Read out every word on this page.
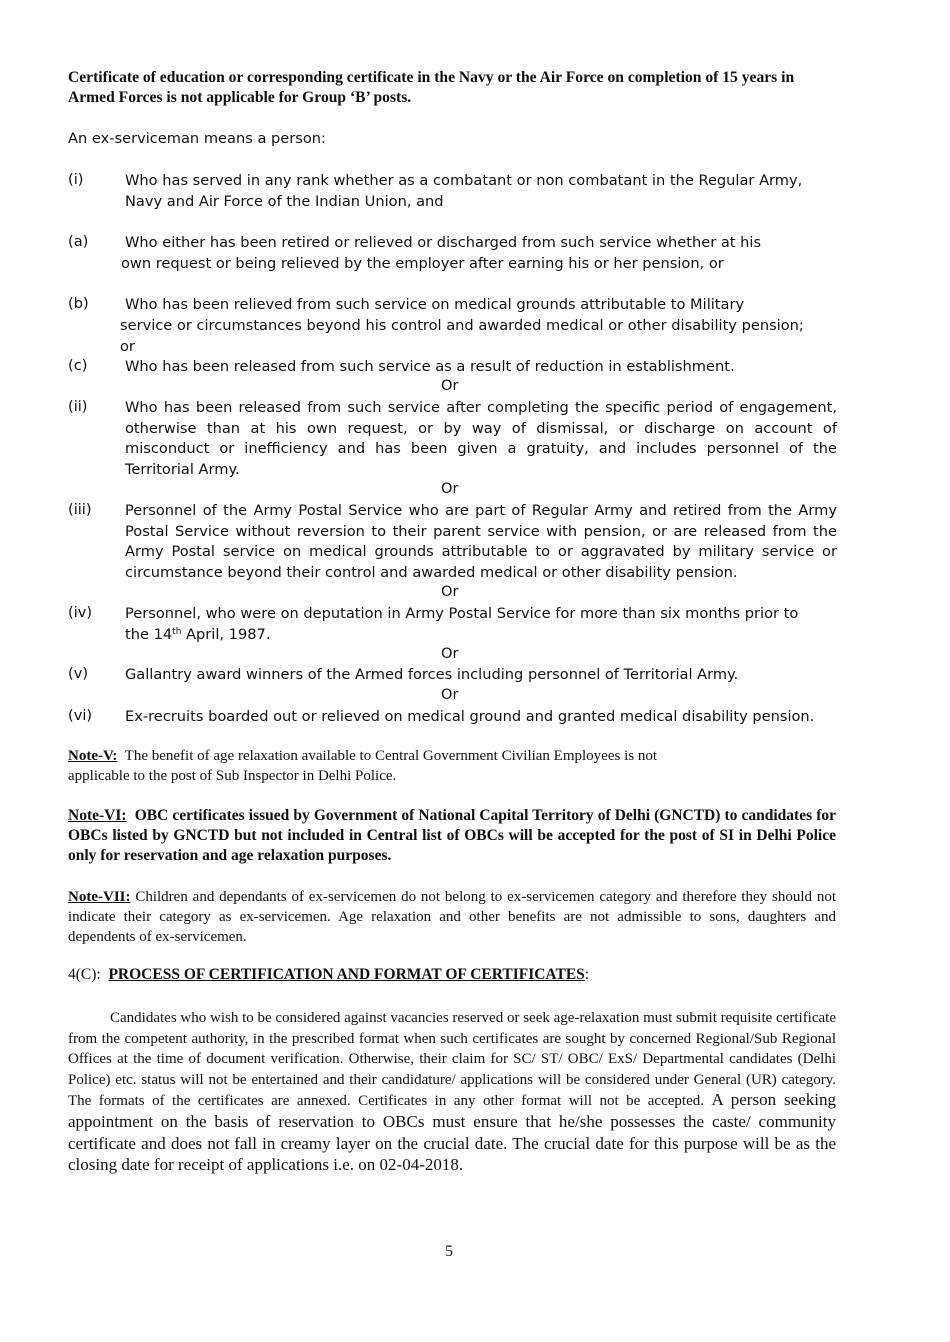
Certificate of education or corresponding certificate in the Navy or the Air Force on completion of 15 years in Armed Forces is not applicable for Group ‘B’ posts.
An ex-serviceman means a person:
(i)	Who has served in any rank whether as a combatant or non combatant in the Regular Army, Navy and Air Force of the Indian Union, and
(a)	Who either has been retired or relieved or discharged from such service whether at his
own request or being relieved by the employer after earning his or her pension, or
(b) Who has been relieved from such service on medical grounds attributable to Military
service or circumstances beyond his control and awarded medical or other disability pension;
or
(c)	Who has been released from such service as a result of reduction in establishment.
Or
(ii)	Who has been released from such service after completing the specific period of engagement, otherwise than at his own request, or by way of dismissal, or discharge on account of misconduct or inefficiency and has been given a gratuity, and includes personnel of the Territorial Army.
Or
(iii) Personnel of the Army Postal Service who are part of Regular Army and retired from the Army Postal Service without reversion to their parent service with pension, or are released from the Army Postal service on medical grounds attributable to or aggravated by military service or circumstance beyond their control and awarded medical or other disability pension.
Or
(iv) Personnel, who were on deputation in Army Postal Service for more than six months prior to
the 14th April, 1987.
Or
(v)	Gallantry award winners of the Armed forces including personnel of Territorial Army.
Or
(vi) Ex-recruits boarded out or relieved on medical ground and granted medical disability pension.
Note-V: The benefit of age relaxation available to Central Government Civilian Employees is not
applicable to the post of Sub Inspector in Delhi Police.
Note-VI: OBC certificates issued by Government of National Capital Territory of Delhi (GNCTD) to candidates for OBCs listed by GNCTD but not included in Central list of OBCs will be accepted for the post of SI in Delhi Police only for reservation and age relaxation purposes.
Note-VII: Children and dependants of ex-servicemen do not belong to ex-servicemen category and therefore they should not indicate their category as ex-servicemen. Age relaxation and other benefits are not admissible to sons, daughters and dependents of ex-servicemen.
4(C): PROCESS OF CERTIFICATION AND FORMAT OF CERTIFICATES:
Candidates who wish to be considered against vacancies reserved or seek age-relaxation must submit requisite certificate from the competent authority, in the prescribed format when such certificates are sought by concerned Regional/Sub Regional Offices at the time of document verification. Otherwise, their claim for SC/ ST/ OBC/ ExS/ Departmental candidates (Delhi Police) etc. status will not be entertained and their candidature/ applications will be considered under General (UR) category. The formats of the certificates are annexed. Certificates in any other format will not be accepted. A person seeking appointment on the basis of reservation to OBCs must ensure that he/she possesses the caste/ community certificate and does not fall in creamy layer on the crucial date. The crucial date for this purpose will be as the closing date for receipt of applications i.e. on 02-04-2018.
5
